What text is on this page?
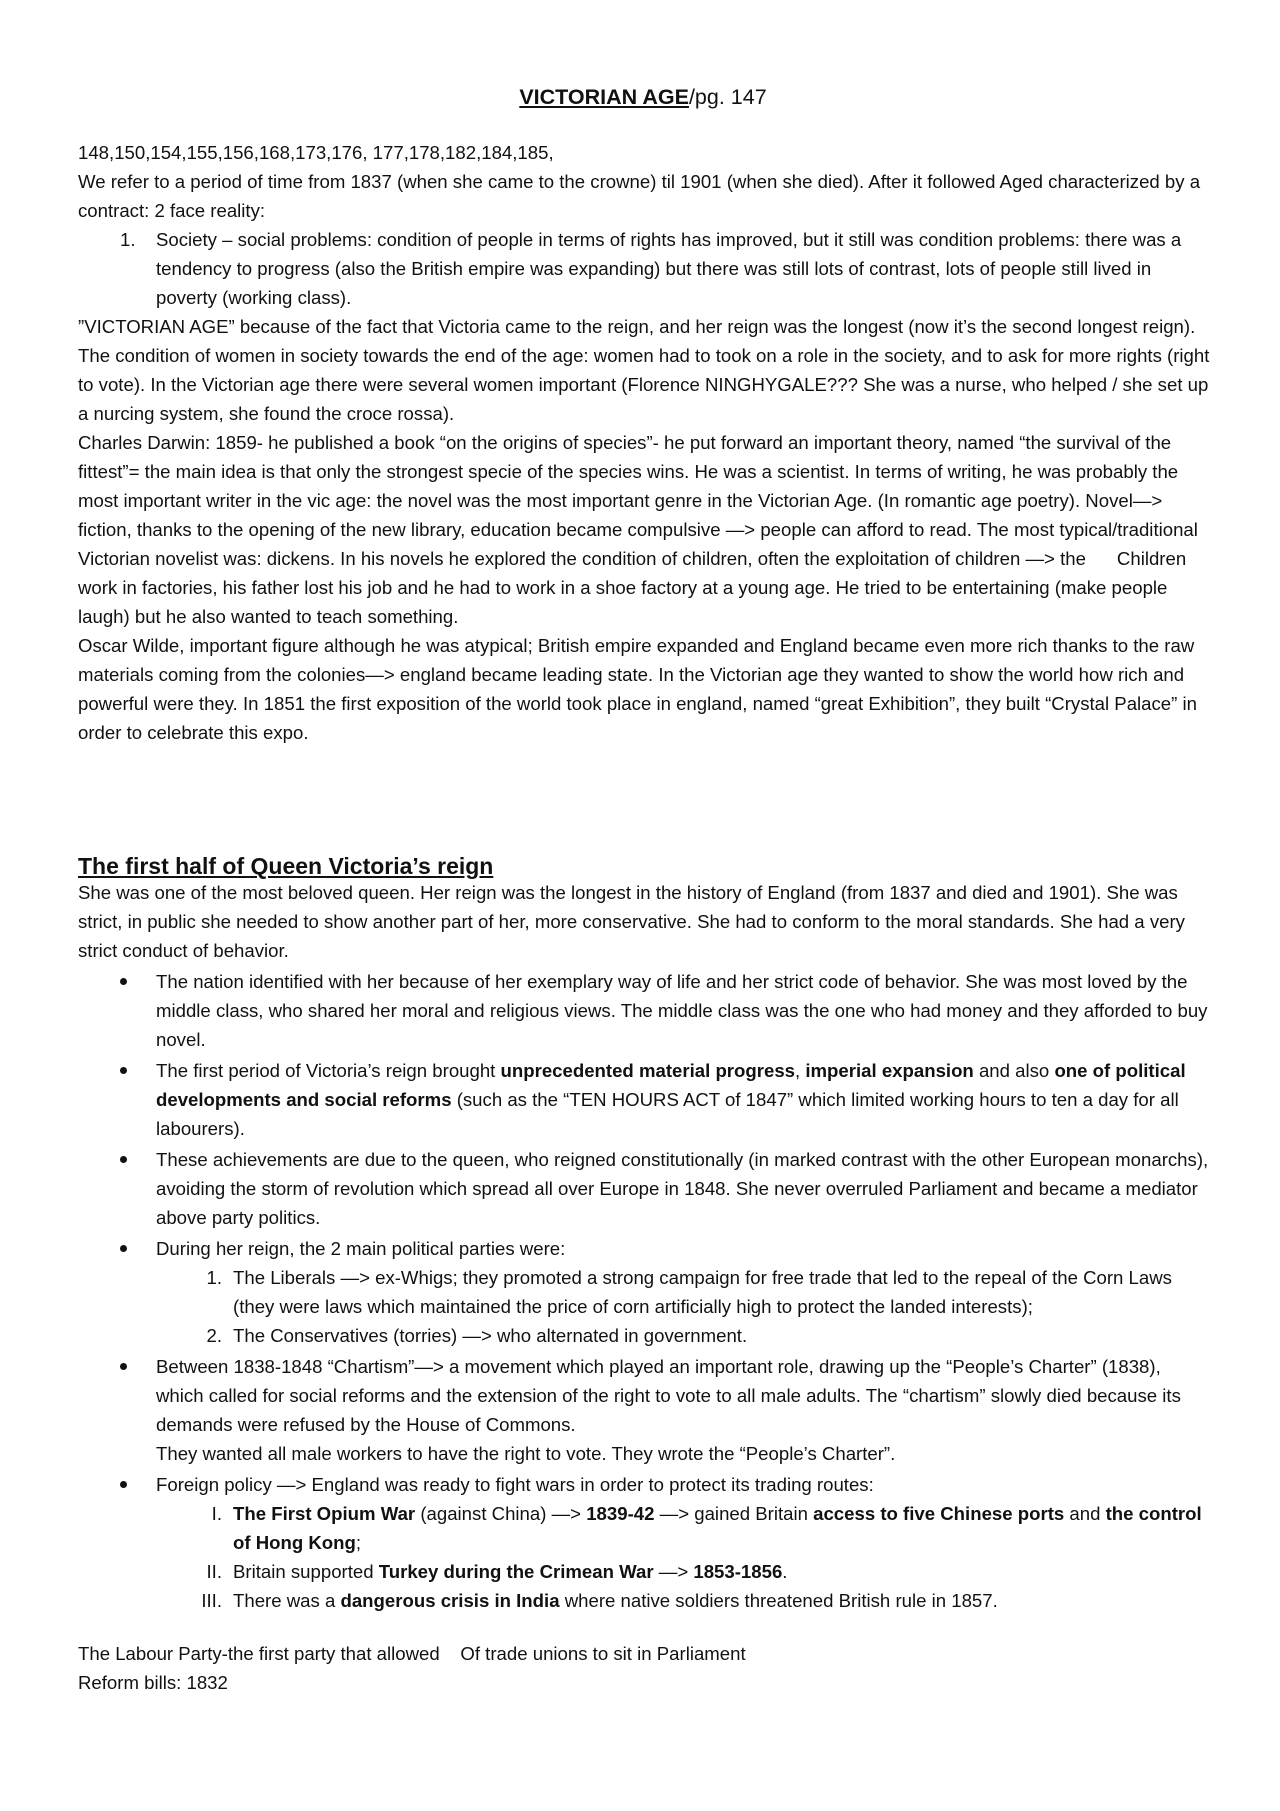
VICTORIAN AGE/pg. 147

148,150,154,155,156,168,173,176, 177,178,182,184,185,

We refer to a period of time from 1837 (when she came to the crowne) til 1901 (when she died). After it followed Aged characterized by a contract: 2 face reality:

1. Society – social problems: condition of people in terms of rights has improved, but it still was condition problems: there was a tendency to progress (also the British empire was expanding) but there was still lots of contrast, lots of people still lived in poverty (working class).

”VICTORIAN AGE” because of the fact that Victoria came to the reign, and her reign was the longest (now it’s the second longest reign).

The condition of women in society towards the end of the age: women had to took on a role in the society, and to ask for more rights (right to vote). In the Victorian age there were several women important (Florence NINGHYGALE??? She was a nurse, who helped / she set up a nurcing system, she found the croce rossa).

Charles Darwin: 1859- he published a book “on the origins of species”- he put forward an important theory, named “the survival of the fittest”= the main idea is that only the strongest specie of the species wins. He was a scientist. In terms of writing, he was probably the most important writer in the vic age: the novel was the most important genre in the Victorian Age. (In romantic age poetry). Novel—> fiction, thanks to the opening of the new library, education became compulsive —> people can afford to read. The most typical/traditional Victorian novelist was: dickens. In his novels he explored the condition of children, often the exploitation of children —> the      Children work in factories, his father lost his job and he had to work in a shoe factory at a young age. He tried to be entertaining (make people laugh) but he also wanted to teach something.

Oscar Wilde, important figure although he was atypical; British empire expanded and England became even more rich thanks to the raw materials coming from the colonies—> england became leading state. In the Victorian age they wanted to show the world how rich and powerful were they. In 1851 the first exposition of the world took place in england, named “great Exhibition”, they built “Crystal Palace” in order to celebrate this expo.

The first half of Queen Victoria’s reign

She was one of the most beloved queen. Her reign was the longest in the history of England (from 1837 and died and 1901). She was strict, in public she needed to show another part of her, more conservative. She had to conform to the moral standards. She had a very strict conduct of behavior.

The nation identified with her because of her exemplary way of life and her strict code of behavior. She was most loved by the middle class, who shared her moral and religious views. The middle class was the one who had money and they afforded to buy novel.
The first period of Victoria’s reign brought unprecedented material progress, imperial expansion and also one of political developments and social reforms (such as the “TEN HOURS ACT of 1847” which limited working hours to ten a day for all labourers).
These achievements are due to the queen, who reigned constitutionally (in marked contrast with the other European monarchs), avoiding the storm of revolution which spread all over Europe in 1848. She never overruled Parliament and became a mediator above party politics.
During her reign, the 2 main political parties were:
1. The Liberals —> ex-Whigs; they promoted a strong campaign for free trade that led to the repeal of the Corn Laws (they were laws which maintained the price of corn artificially high to protect the landed interests);
2. The Conservatives (torries) —> who alternated in government.
Between 1838-1848 “Chartism”—> a movement which played an important role, drawing up the “People’s Charter” (1838), which called for social reforms and the extension of the right to vote to all male adults. The “chartism” slowly died because its demands were refused by the House of Commons.
They wanted all male workers to have the right to vote. They wrote the “People’s Charter”.
Foreign policy —> England was ready to fight wars in order to protect its trading routes:
I. The First Opium War (against China) —> 1839-42 —> gained Britain access to five Chinese ports and the control of Hong Kong;
II. Britain supported Turkey during the Crimean War —> 1853-1856.
III. There was a dangerous crisis in India where native soldiers threatened British rule in 1857.

The Labour Party-the first party that allowed    Of trade unions to sit in Parliament

Reform bills: 1832
